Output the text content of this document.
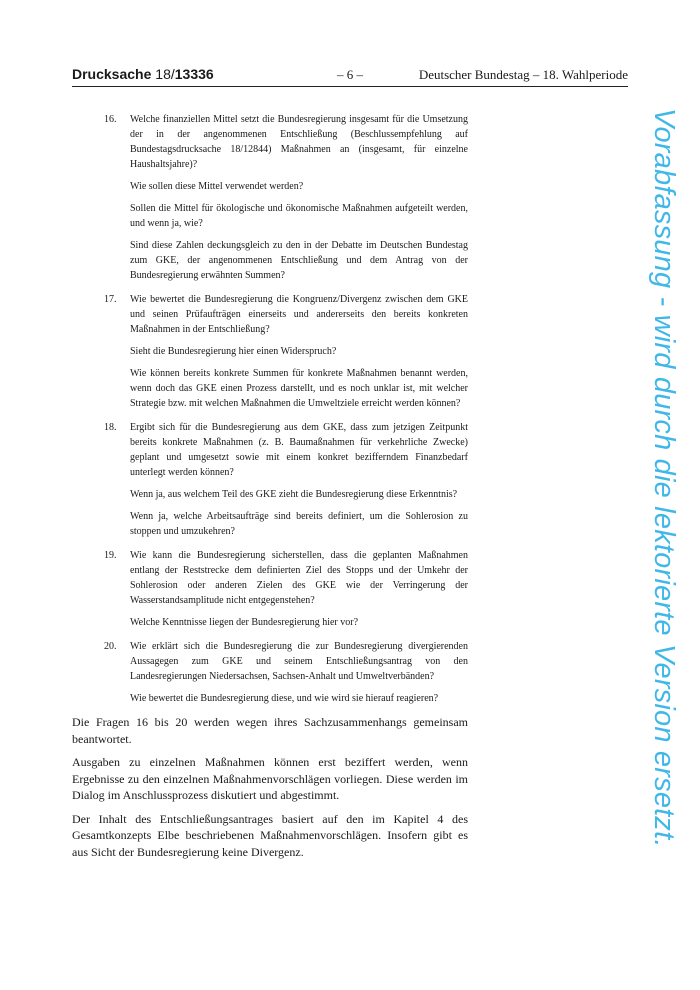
Drucksache 18/13336	– 6 –	Deutscher Bundestag – 18. Wahlperiode
16. Welche finanziellen Mittel setzt die Bundesregierung insgesamt für die Umsetzung der in der angenommenen Entschließung (Beschlussempfehlung auf Bundestagsdrucksache 18/12844) Maßnahmen an (insgesamt, für einzelne Haushaltsjahre)?

Wie sollen diese Mittel verwendet werden?

Sollen die Mittel für ökologische und ökonomische Maßnahmen aufgeteilt werden, und wenn ja, wie?

Sind diese Zahlen deckungsgleich zu den in der Debatte im Deutschen Bundestag zum GKE, der angenommenen Entschließung und dem Antrag von der Bundesregierung erwähnten Summen?

17. Wie bewertet die Bundesregierung die Kongruenz/Divergenz zwischen dem GKE und seinen Prüfaufträgen einerseits und andererseits den bereits konkreten Maßnahmen in der Entschließung?

Sieht die Bundesregierung hier einen Widerspruch?

Wie können bereits konkrete Summen für konkrete Maßnahmen benannt werden, wenn doch das GKE einen Prozess darstellt, und es noch unklar ist, mit welcher Strategie bzw. mit welchen Maßnahmen die Umweltziele erreicht werden können?

18. Ergibt sich für die Bundesregierung aus dem GKE, dass zum jetzigen Zeitpunkt bereits konkrete Maßnahmen (z. B. Baumaßnahmen für verkehrliche Zwecke) geplant und umgesetzt sowie mit einem konkret bezifferndem Finanzbedarf unterlegt werden können?

Wenn ja, aus welchem Teil des GKE zieht die Bundesregierung diese Erkenntnis?

Wenn ja, welche Arbeitsaufträge sind bereits definiert, um die Sohlerosion zu stoppen und umzukehren?

19. Wie kann die Bundesregierung sicherstellen, dass die geplanten Maßnahmen entlang der Reststrecke dem definierten Ziel des Stopps und der Umkehr der Sohlerosion oder anderen Zielen des GKE wie der Verringerung der Wasserstandsamplitude nicht entgegenstehen?

Welche Kenntnisse liegen der Bundesregierung hier vor?

20. Wie erklärt sich die Bundesregierung die zur Bundesregierung divergierenden Aussagegen zum GKE und seinem Entschließungsantrag von den Landesregierungen Niedersachsen, Sachsen-Anhalt und Umweltverbänden?

Wie bewertet die Bundesregierung diese, und wie wird sie hierauf reagieren?

Die Fragen 16 bis 20 werden wegen ihres Sachzusammenhangs gemeinsam beantwortet.

Ausgaben zu einzelnen Maßnahmen können erst beziffert werden, wenn Ergebnisse zu den einzelnen Maßnahmenvorschlägen vorliegen. Diese werden im Dialog im Anschlussprozess diskutiert und abgestimmt.

Der Inhalt des Entschließungsantrages basiert auf den im Kapitel 4 des Gesamtkonzepts Elbe beschriebenen Maßnahmenvorschlägen. Insofern gibt es aus Sicht der Bundesregierung keine Divergenz.

Vorabfassung - wird durch die lektorierte Version ersetzt.
